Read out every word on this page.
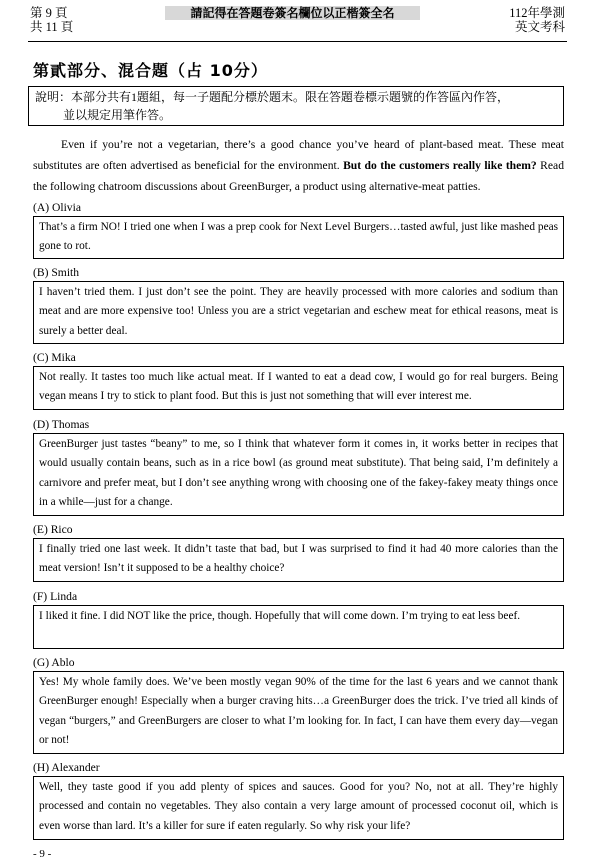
第 9 頁
共 11 頁
請記得在答題卷簽名欄位以正楷簽全名	112年學測
英文考科
第貳部分、混合題（占 10分）
說明：本部分共有1題組，每一子題配分標於題末。限在答題卷標示題號的作答區內作答，
並以規定用筆作答。
Even if you’re not a vegetarian, there’s a good chance you’ve heard of plant-based meat. These meat substitutes are often advertised as beneficial for the environment. But do the customers really like them? Read the following chatroom discussions about GreenBurger, a product using alternative-meat patties.
(A) Olivia
That’s a firm NO! I tried one when I was a prep cook for Next Level Burgers…tasted awful, just like mashed peas gone to rot.
(B) Smith
I haven’t tried them. I just don’t see the point. They are heavily processed with more calories and sodium than meat and are more expensive too! Unless you are a strict vegetarian and eschew meat for ethical reasons, meat is surely a better deal.
(C) Mika
Not really. It tastes too much like actual meat. If I wanted to eat a dead cow, I would go for real burgers. Being vegan means I try to stick to plant food. But this is just not something that will ever interest me.
(D) Thomas
GreenBurger just tastes “beany” to me, so I think that whatever form it comes in, it works better in recipes that would usually contain beans, such as in a rice bowl (as ground meat substitute). That being said, I’m definitely a carnivore and prefer meat, but I don’t see anything wrong with choosing one of the fakey-fakey meaty things once in a while—just for a change.
(E) Rico
I finally tried one last week. It didn’t taste that bad, but I was surprised to find it had 40 more calories than the meat version! Isn’t it supposed to be a healthy choice?
(F) Linda
I liked it fine. I did NOT like the price, though. Hopefully that will come down. I’m trying to eat less beef.
(G) Ablo
Yes! My whole family does. We’ve been mostly vegan 90% of the time for the last 6 years and we cannot thank GreenBurger enough! Especially when a burger craving hits…a GreenBurger does the trick. I’ve tried all kinds of vegan “burgers,” and GreenBurgers are closer to what I’m looking for. In fact, I can have them every day—vegan or not!
(H) Alexander
Well, they taste good if you add plenty of spices and sauces. Good for you? No, not at all. They’re highly processed and contain no vegetables. They also contain a very large amount of processed coconut oil, which is even worse than lard. It’s a killer for sure if eaten regularly. So why risk your life?
- 9 -
